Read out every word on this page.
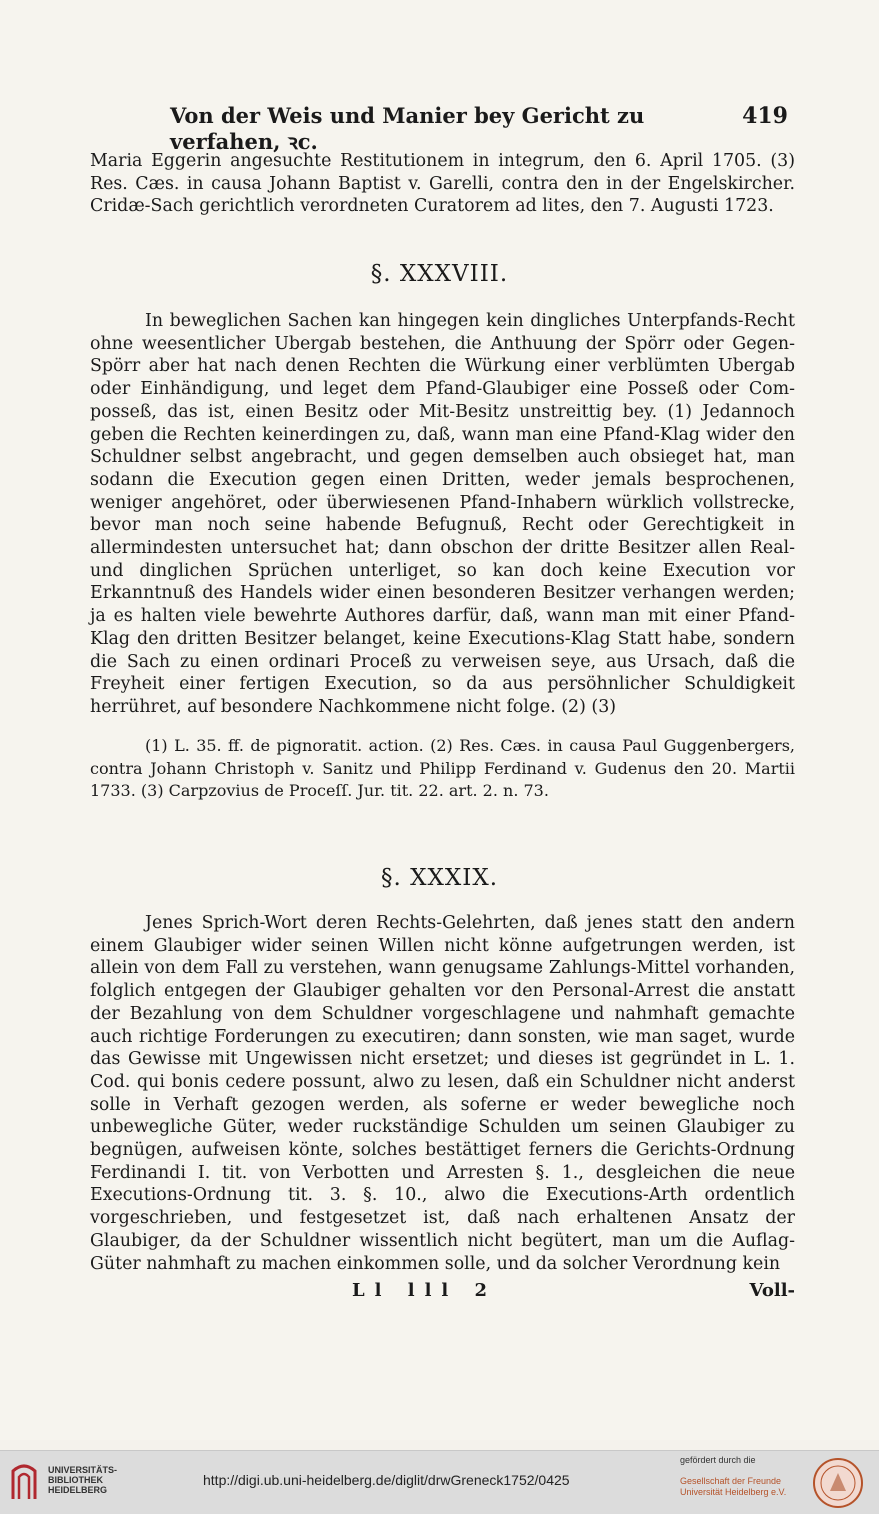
Von der Weis und Manier bey Gericht zu verfahen, ꝛc.
419

Maria Eggerin angesuchte Restitutionem in integrum, den 6. April 1705. (3) Res. Cæs. in causa Johann Baptist v. Garelli, contra den in der Engelskircher. Cridæ-Sach gerichtlich verordneten Curatorem ad lites, den 7. Augusti 1723.

§. XXXVIII.

In beweglichen Sachen kan hingegen kein dingliches Unterpfands-Recht ohne weesentlicher Ubergab bestehen, die Anthuung der Spörr oder Gegen-Spörr aber hat nach denen Rechten die Würkung einer verblümten Ubergab oder Einhändigung, und leget dem Pfand-Glaubiger eine Posseß oder Com-posseß, das ist, einen Besitz oder Mit-Besitz unstreittig bey. (1) Jedannoch geben die Rechten keinerdingen zu, daß, wann man eine Pfand-Klag wider den Schuldner selbst angebracht, und gegen demselben auch obsieget hat, man sodann die Execution gegen einen Dritten, weder jemals besprochenen, weniger angehöret, oder überwiesenen Pfand-Inhabern würklich vollstrecke, bevor man noch seine habende Befugnuß, Recht oder Gerechtigkeit in allermindesten untersuchet hat; dann obschon der dritte Besitzer allen Real- und dinglichen Sprüchen unterliget, so kan doch keine Execution vor Erkanntnuß des Handels wider einen besonderen Besitzer verhangen werden; ja es halten viele bewehrte Authores darfür, daß, wann man mit einer Pfand-Klag den dritten Besitzer belanget, keine Executions-Klag Statt habe, sondern die Sach zu einen ordinari Proceß zu verweisen seye, aus Ursach, daß die Freyheit einer fertigen Execution, so da aus persöhnlicher Schuldigkeit herrühret, auf besondere Nachkommene nicht folge. (2) (3)

(1) L. 35. ff. de pignoratit. action. (2) Res. Cæs. in causa Paul Guggenbergers, contra Johann Christoph v. Sanitz und Philipp Ferdinand v. Gudenus den 20. Martii 1733. (3) Carpzovius de Proceſſ. Jur. tit. 22. art. 2. n. 73.

§. XXXIX.

Jenes Sprich-Wort deren Rechts-Gelehrten, daß jenes statt den andern einem Glaubiger wider seinen Willen nicht könne aufgetrungen werden, ist allein von dem Fall zu verstehen, wann genugsame Zahlungs-Mittel vorhanden, folglich entgegen der Glaubiger gehalten vor den Personal-Arrest die anstatt der Bezahlung von dem Schuldner vorgeschlagene und nahmhaft gemachte auch richtige Forderungen zu executiren; dann sonsten, wie man saget, wurde das Gewisse mit Ungewissen nicht ersetzet; und dieses ist gegründet in L. 1. Cod. qui bonis cedere possunt, alwo zu lesen, daß ein Schuldner nicht anderst solle in Verhaft gezogen werden, als soferne er weder bewegliche noch unbewegliche Güter, weder ruckständige Schulden um seinen Glaubiger zu begnügen, aufweisen könte, solches bestättiget ferners die Gerichts-Ordnung Ferdinandi I. tit. von Verbotten und Arresten §. 1., desgleichen die neue Executions-Ordnung tit. 3. §. 10., alwo die Executions-Arth ordentlich vorgeschrieben, und festgesetzet ist, daß nach erhaltenen Ansatz der Glaubiger, da der Schuldner wissentlich nicht begütert, man um die Auflag-Güter nahmhaft zu machen einkommen solle, und da solcher Verordnung kein

Ll lll 2	Voll-
UNIVERSITÄTS-
BIBLIOTHEK
HEIDELBERG
http://digi.ub.uni-heidelberg.de/diglit/drwGreneck1752/0425
gefördert durch die
Gesellschaft der Freunde
Universität Heidelberg e.V.
